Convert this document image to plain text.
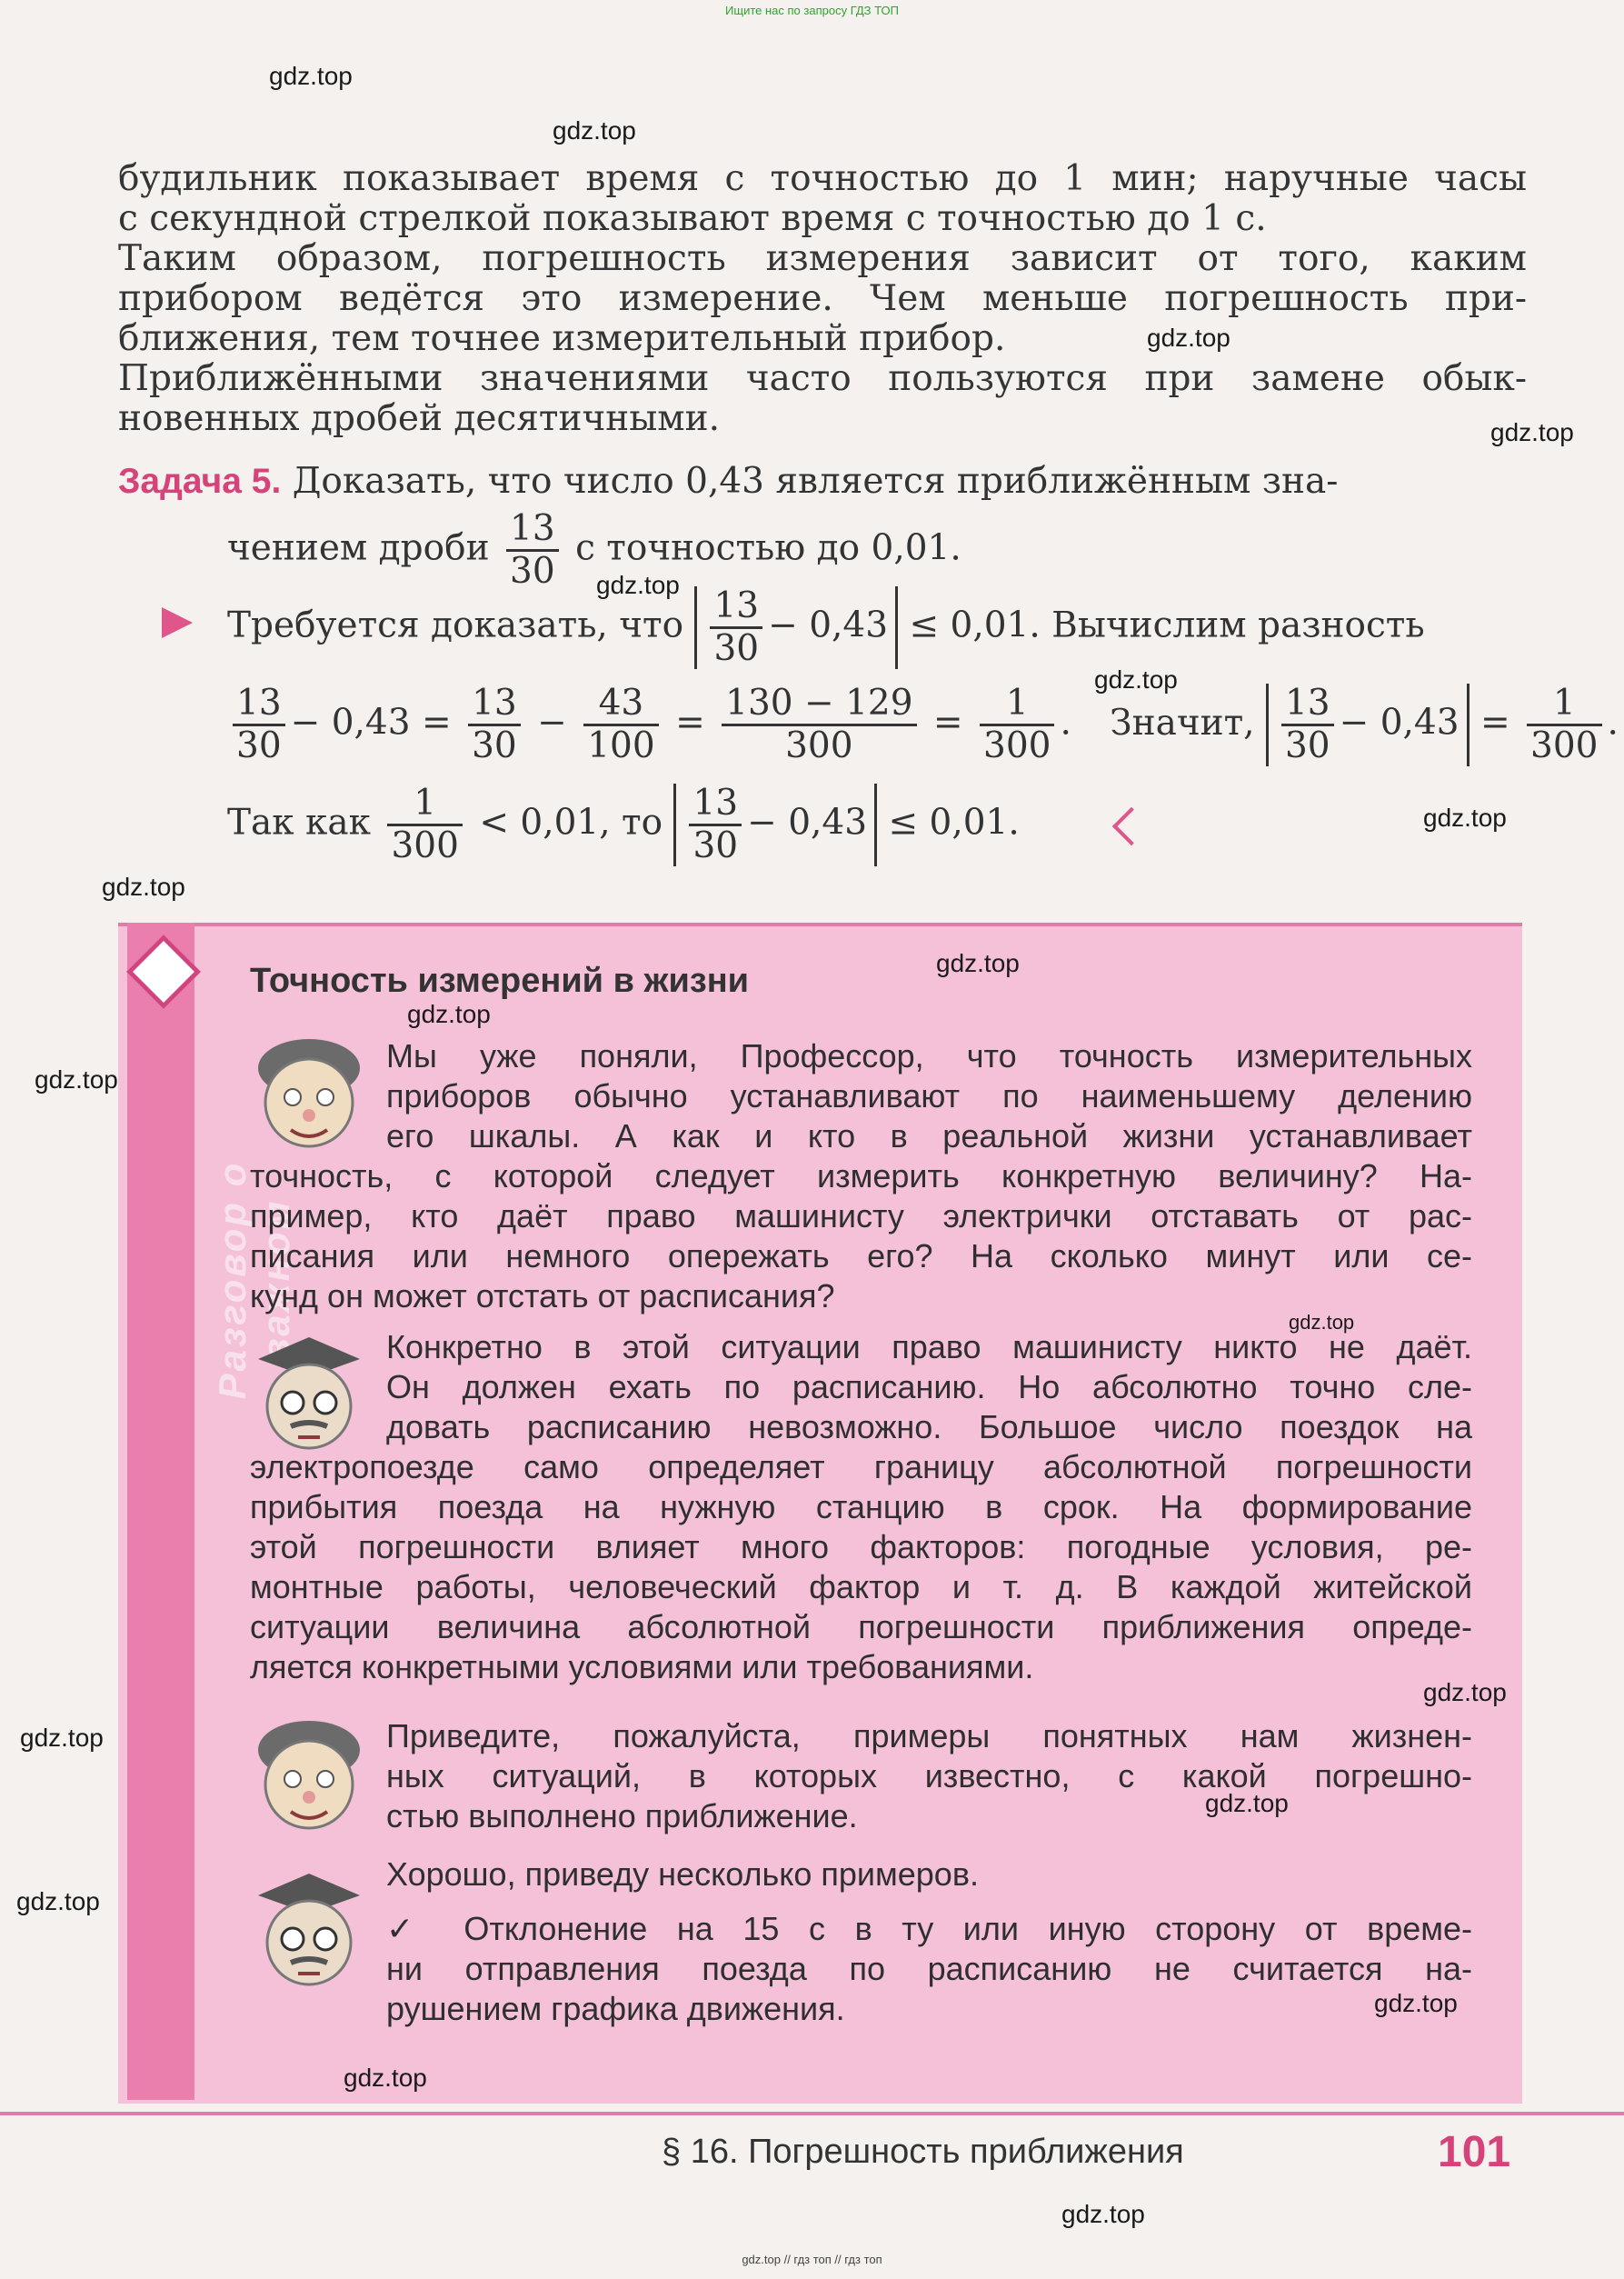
Ищите нас по запросу ГДЗ ТОП
будильник показывает время с точностью до 1 мин; наручные часы
с секундной стрелкой показывают время с точностью до 1 с.
Таким образом, погрешность измерения зависит от того, каким
прибором ведётся это измерение. Чем меньше погрешность при-
ближения, тем точнее измерительный прибор.
Приближёнными значениями часто пользуются при замене обык-
новенных дробей десятичными.
Задача 5. Доказать, что число 0,43 является приближённым зна-
чением дроби $\frac{13}{30}$ с точностью до 0,01.
Требуется доказать, что $\frac{13}{30} - 0,43 \le 0,01$. Вычислим разность
$\frac{13}{30} - 0,43 = \frac{13}{30} - \frac{43}{100} = \frac{130 - 129}{300} = \frac{1}{300}$ . Значит, $\frac{13}{30} - 0,43 = \frac{1}{300}$ .
Так как $\frac{1}{300} < 0,01$, то $\frac{13}{30} - 0,43 \le 0,01$.
Разговор о важном
Точность измерений в жизни
Мы уже поняли, Профессор, что точность измерительных
приборов обычно устанавливают по наименьшему делению
его шкалы. А как и кто в реальной жизни устанавливает
точность, с которой следует измерить конкретную величину? На-
пример, кто даёт право машинисту электрички отставать от рас-
писания или немного опережать его? На сколько минут или се-
кунд он может отстать от расписания?
Конкретно в этой ситуации право машинисту никто не даёт.
Он должен ехать по расписанию. Но абсолютно точно сле-
довать расписанию невозможно. Большое число поездок на
электропоезде само определяет границу абсолютной погрешности
прибытия поезда на нужную станцию в срок. На формирование
этой погрешности влияет много факторов: погодные условия, ре-
монтные работы, человеческий фактор и т. д. В каждой житейской
ситуации величина абсолютной погрешности приближения опреде-
ляется конкретными условиями или требованиями.
Приведите, пожалуйста, примеры понятных нам жизнен-
ных ситуаций, в которых известно, с какой погрешно-
стью выполнено приближение.
Хорошо, приведу несколько примеров.
✓ Отклонение на 15 с в ту или иную сторону от време-
ни отправления поезда по расписанию не считается на-
рушением графика движения.
§ 16. Погрешность приближения	101
gdz.top
gdz.top
gdz.top
gdz.top
gdz.top
gdz.top
gdz.top
gdz.top
gdz.top
gdz.top
gdz.top
gdz.top
gdz.top
gdz.top
gdz.top
gdz.top
gdz.top
gdz.top
gdz.top
gdz.top // гдз топ // гдз топ
